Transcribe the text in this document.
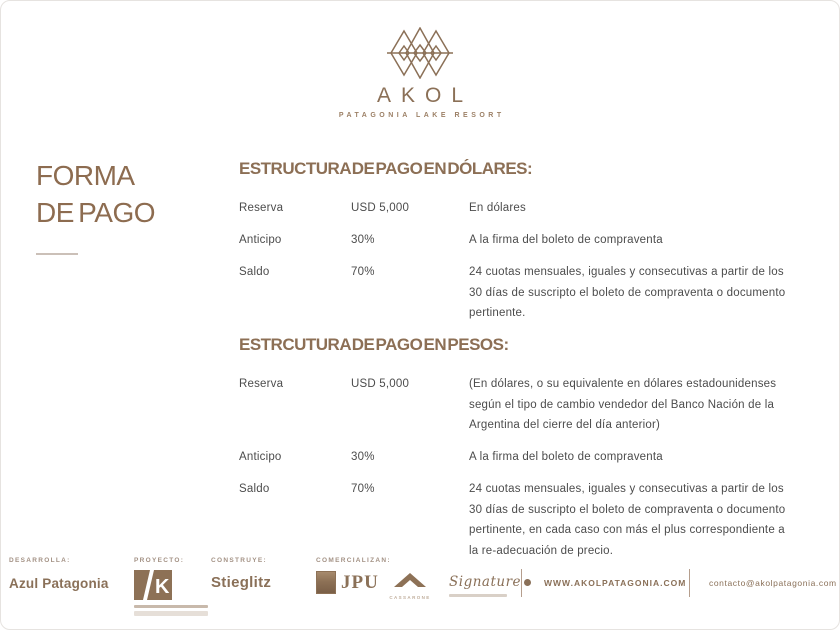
AKOL
PATAGONIA LAKE RESORT
FORMA
DE PAGO
ESTRUCTURA DE PAGO EN DÓLARES:
Reserva	USD 5,000	En dólares
Anticipo	30%	A la firma del boleto de compraventa
Saldo	70%	24 cuotas mensuales, iguales y consecutivas a partir de los 30 días de suscripto el boleto de compraventa o documento pertinente.
ESTRCUTURA DE PAGO EN PESOS:
Reserva	USD 5,000	(En dólares, o su equivalente en dólares estadounidenses según el tipo de cambio vendedor del Banco Nación de la Argentina del cierre del día anterior)
Anticipo	30%	A la firma del boleto de compraventa
Saldo	70%	24 cuotas mensuales, iguales y consecutivas a partir de los 30 días de suscripto el boleto de compraventa o documento pertinente, en cada caso con más el plus correspondiente a la re-adecuación de precio.
DESARROLLA:
Azul Patagonia
PROYECTO:
K
CONSTRUYE:
Stieglitz
COMERCIALIZAN:
JPU
CASSARONE
Signature	WWW.AKOLPATAGONIA.COM	contacto@akolpatagonia.com
